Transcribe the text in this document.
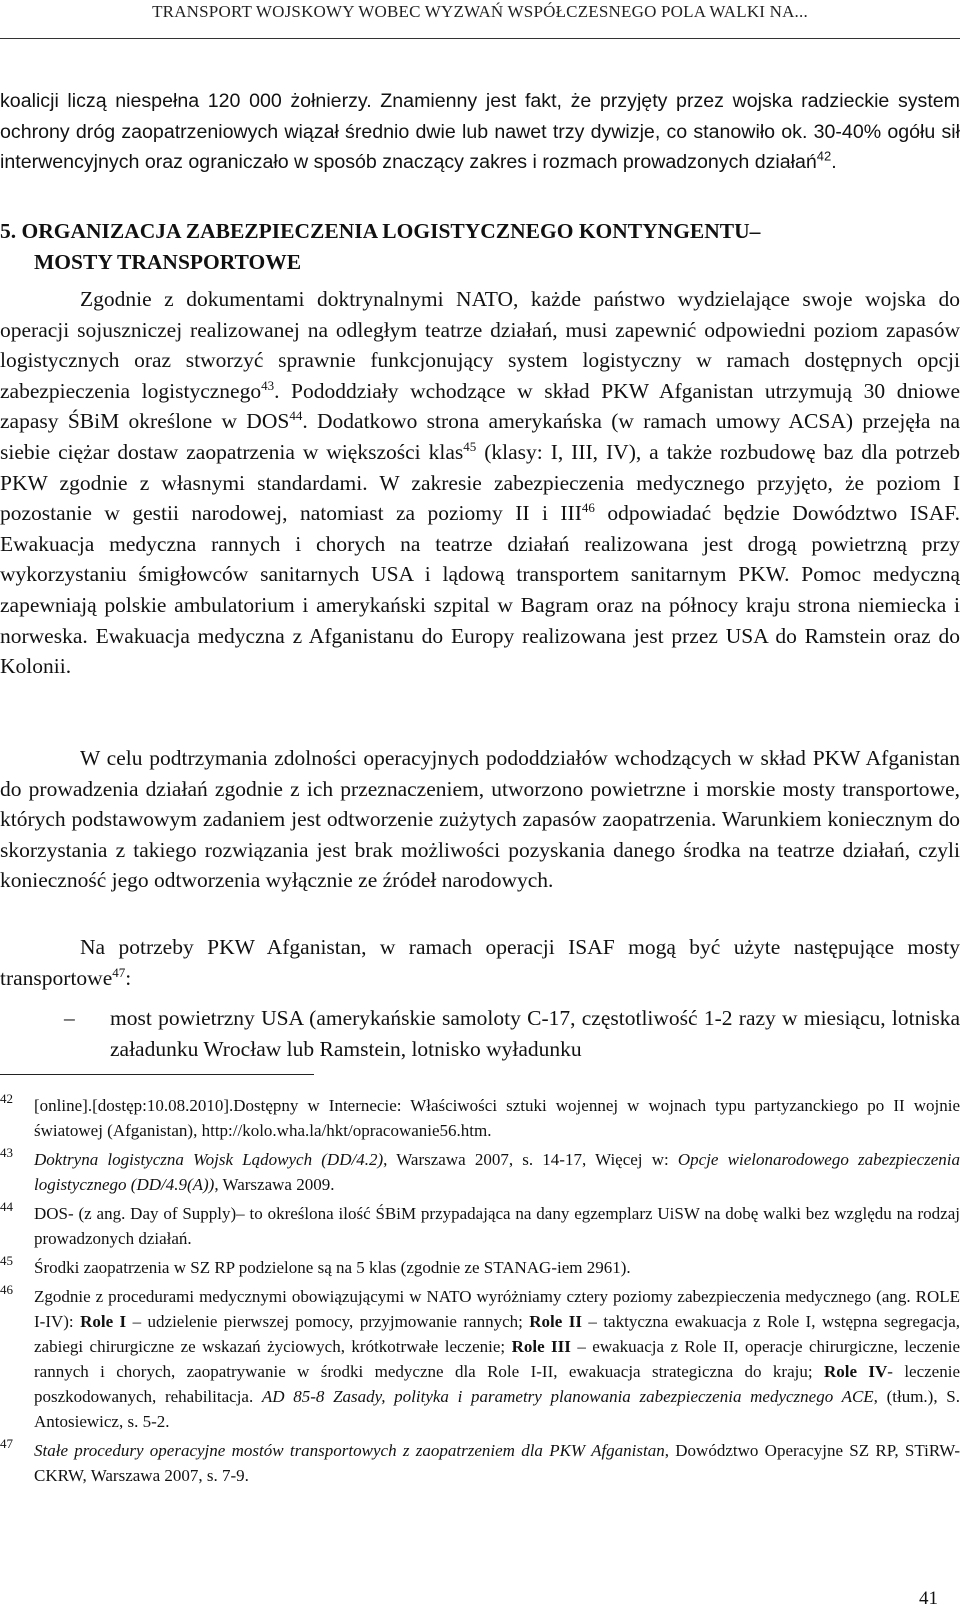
TRANSPORT WOJSKOWY WOBEC WYZWAŃ WSPÓŁCZESNEGO POLA WALKI NA...

koalicji liczą niespełna 120 000 żołnierzy. Znamienny jest fakt, że przyjęty przez wojska radzieckie system ochrony dróg zaopatrzeniowych wiązał średnio dwie lub nawet trzy dywizje, co stanowiło ok. 30-40% ogółu sił interwencyjnych oraz ograniczało w sposób znaczący zakres i rozmach prowadzonych działań$^{42}$.

5. ORGANIZACJA ZABEZPIECZENIA LOGISTYCZNEGO KONTYNGENTU–
MOSTY TRANSPORTOWE

Zgodnie z dokumentami doktrynalnymi NATO, każde państwo wydzielające swoje wojska do operacji sojuszniczej realizowanej na odległym teatrze działań, musi zapewnić odpowiedni poziom zapasów logistycznych oraz stworzyć sprawnie funkcjonujący system logistyczny w ramach dostępnych opcji zabezpieczenia logistycznego$^{43}$. Pododdziały wchodzące w skład PKW Afganistan utrzymują 30 dniowe zapasy ŚBiM określone w DOS$^{44}$. Dodatkowo strona amerykańska (w ramach umowy ACSA) przejęła na siebie ciężar dostaw zaopatrzenia w większości klas$^{45}$ (klasy: I, III, IV), a także rozbudowę baz dla potrzeb PKW zgodnie z własnymi standardami. W zakresie zabezpieczenia medycznego przyjęto, że poziom I pozostanie w gestii narodowej, natomiast za poziomy II i III$^{46}$ odpowiadać będzie Dowództwo ISAF. Ewakuacja medyczna rannych i chorych na teatrze działań realizowana jest drogą powietrzną przy wykorzystaniu śmigłowców sanitarnych USA i lądową transportem sanitarnym PKW. Pomoc medyczną zapewniają polskie ambulatorium i amerykański szpital w Bagram oraz na północy kraju strona niemiecka i norweska. Ewakuacja medyczna z Afganistanu do Europy realizowana jest przez USA do Ramstein oraz do Kolonii.

W celu podtrzymania zdolności operacyjnych pododdziałów wchodzących w skład PKW Afganistan do prowadzenia działań zgodnie z ich przeznaczeniem, utworzono powietrzne i morskie mosty transportowe, których podstawowym zadaniem jest odtworzenie zużytych zapasów zaopatrzenia. Warunkiem koniecznym do skorzystania z takiego rozwiązania jest brak możliwości pozyskania danego środka na teatrze działań, czyli konieczność jego odtworzenia wyłącznie ze źródeł narodowych.

Na potrzeby PKW Afganistan, w ramach operacji ISAF mogą być użyte następujące mosty transportowe$^{47}$:

– most powietrzny USA (amerykańskie samoloty C-17, częstotliwość 1-2 razy w miesiącu, lotniska załadunku Wrocław lub Ramstein, lotnisko wyładunku
42 [online].[dostęp:10.08.2010].Dostępny w Internecie: Właściwości sztuki wojennej w wojnach typu partyzanckiego po II wojnie światowej (Afganistan), http://kolo.wha.la/hkt/opracowanie56.htm.
43 Doktryna logistyczna Wojsk Lądowych (DD/4.2), Warszawa 2007, s. 14-17, Więcej w: Opcje wielonarodowego zabezpieczenia logistycznego (DD/4.9(A)), Warszawa 2009.
44 DOS- (z ang. Day of Supply)– to określona ilość ŚBiM przypadająca na dany egzemplarz UiSW na dobę walki bez względu na rodzaj prowadzonych działań.
45 Środki zaopatrzenia w SZ RP podzielone są na 5 klas (zgodnie ze STANAG-iem 2961).
46 Zgodnie z procedurami medycznymi obowiązującymi w NATO wyróżniamy cztery poziomy zabezpieczenia medycznego (ang. ROLE I-IV): Role I – udzielenie pierwszej pomocy, przyjmowanie rannych; Role II – taktyczna ewakuacja z Role I, wstępna segregacja, zabiegi chirurgiczne ze wskazań życiowych, krótkotrwałe leczenie; Role III – ewakuacja z Role II, operacje chirurgiczne, leczenie rannych i chorych, zaopatrywanie w środki medyczne dla Role I-II, ewakuacja strategiczna do kraju; Role IV- leczenie poszkodowanych, rehabilitacja. AD 85-8 Zasady, polityka i parametry planowania zabezpieczenia medycznego ACE, (tłum.), S. Antosiewicz, s. 5-2.
47 Stałe procedury operacyjne mostów transportowych z zaopatrzeniem dla PKW Afganistan, Dowództwo Operacyjne SZ RP, STiRW-CKRW, Warszawa 2007, s. 7-9.
41
